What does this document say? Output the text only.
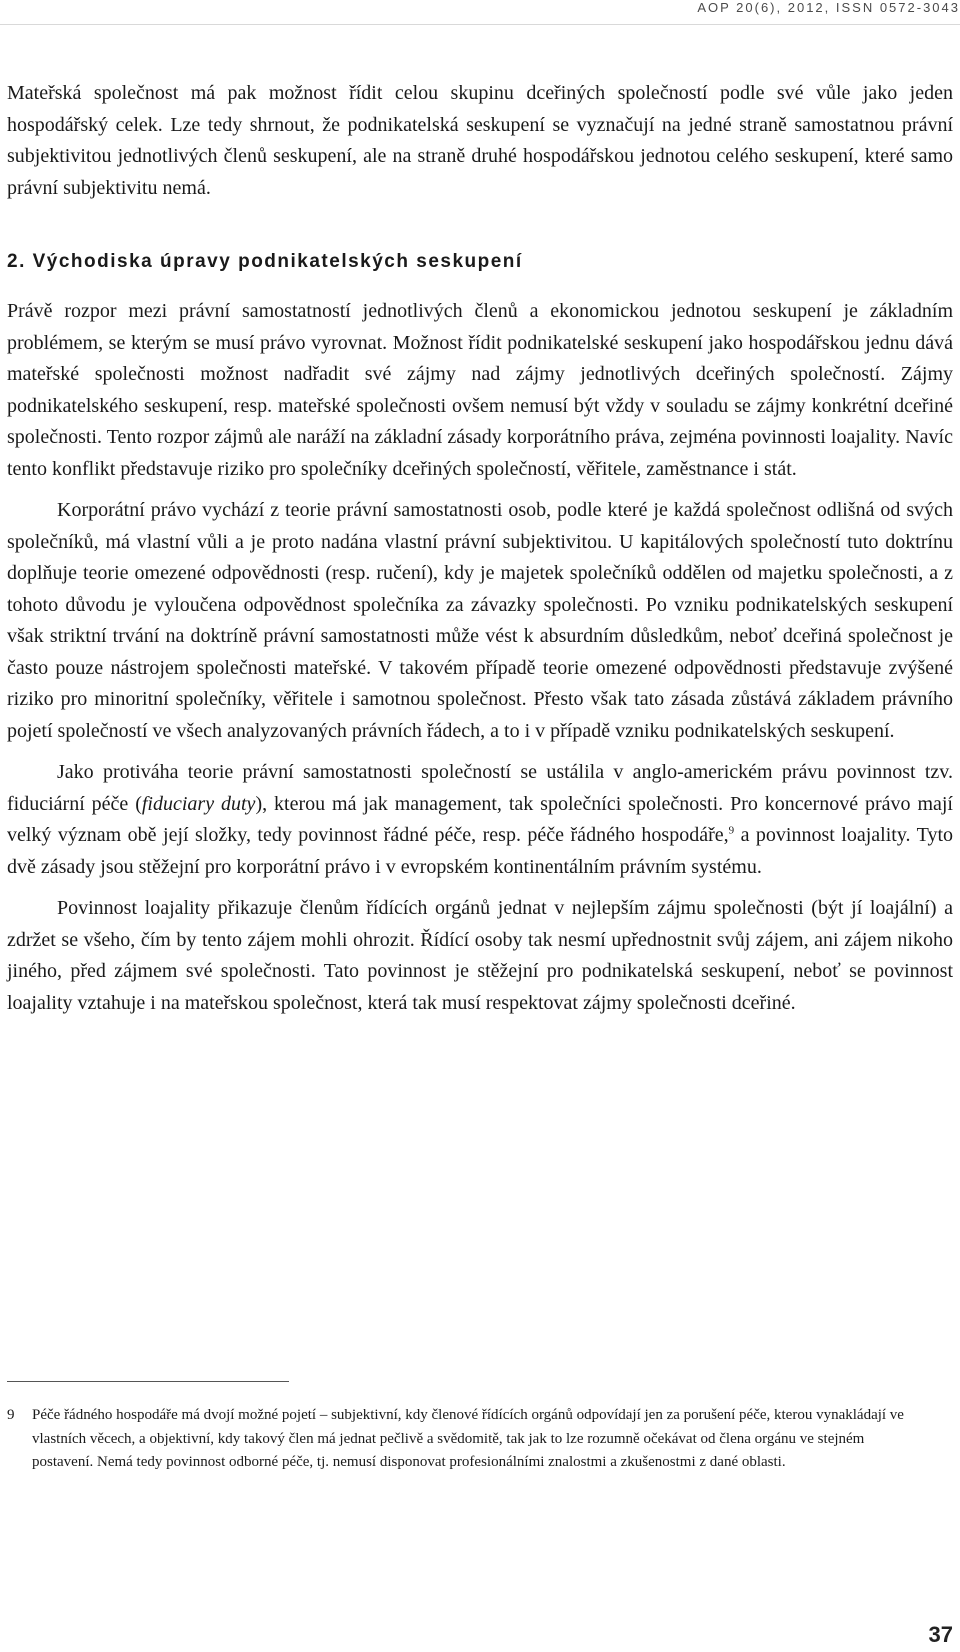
AOP 20(6), 2012, ISSN 0572-3043

Mateřská společnost má pak možnost řídit celou skupinu dceřiných společností podle své vůle jako jeden hospodářský celek. Lze tedy shrnout, že podnikatelská seskupení se vyznačují na jedné straně samostatnou právní subjektivitou jednotlivých členů seskupení, ale na straně druhé hospodářskou jednotou celého seskupení, které samo právní subjektivitu nemá.

2. Východiska úpravy podnikatelských seskupení

Právě rozpor mezi právní samostatností jednotlivých členů a ekonomickou jednotou seskupení je základním problémem, se kterým se musí právo vyrovnat. Možnost řídit podnikatelské seskupení jako hospodářskou jednu dává mateřské společnosti možnost nadřadit své zájmy nad zájmy jednotlivých dceřiných společností. Zájmy podnikatelského seskupení, resp. mateřské společnosti ovšem nemusí být vždy v souladu se zájmy konkrétní dceřiné společnosti. Tento rozpor zájmů ale naráží na základní zásady korporátního práva, zejména povinnosti loajality. Navíc tento konflikt představuje riziko pro společníky dceřiných společností, věřitele, zaměstnance i stát.

Korporátní právo vychází z teorie právní samostatnosti osob, podle které je každá společnost odlišná od svých společníků, má vlastní vůli a je proto nadána vlastní právní subjektivitou. U kapitálových společností tuto doktrínu doplňuje teorie omezené odpovědnosti (resp. ručení), kdy je majetek společníků oddělen od majetku společnosti, a z tohoto důvodu je vyloučena odpovědnost společníka za závazky společnosti. Po vzniku podnikatelských seskupení však striktní trvání na doktríně právní samostatnosti může vést k absurdním důsledkům, neboť dceřiná společnost je často pouze nástrojem společnosti mateřské. V takovém případě teorie omezené odpovědnosti představuje zvýšené riziko pro minoritní společníky, věřitele i samotnou společnost. Přesto však tato zásada zůstává základem právního pojetí společností ve všech analyzovaných právních řádech, a to i v případě vzniku podnikatelských seskupení.

Jako protiváha teorie právní samostatnosti společností se ustálila v anglo-americkém právu povinnost tzv. fiduciární péče (fiduciary duty), kterou má jak management, tak společníci společnosti. Pro koncernové právo mají velký význam obě její složky, tedy povinnost řádné péče, resp. péče řádného hospodáře,$^9$ a povinnost loajality. Tyto dvě zásady jsou stěžejní pro korporátní právo i v evropském kontinentálním právním systému.

Povinnost loajality přikazuje členům řídících orgánů jednat v nejlepším zájmu společnosti (být jí loajální) a zdržet se všeho, čím by tento zájem mohli ohrozit. Řídící osoby tak nesmí upřednostnit svůj zájem, ani zájem nikoho jiného, před zájmem své společnosti. Tato povinnost je stěžejní pro podnikatelská seskupení, neboť se povinnost loajality vztahuje i na mateřskou společnost, která tak musí respektovat zájmy společnosti dceřiné.

9 Péče řádného hospodáře má dvojí možné pojetí – subjektivní, kdy členové řídících orgánů odpovídají jen za porušení péče, kterou vynakládají ve vlastních věcech, a objektivní, kdy takový člen má jednat pečlivě a svědomitě, tak jak to lze rozumně očekávat od člena orgánu ve stejném postavení. Nemá tedy povinnost odborné péče, tj. nemusí disponovat profesionálními znalostmi a zkušenostmi z dané oblasti.
37
